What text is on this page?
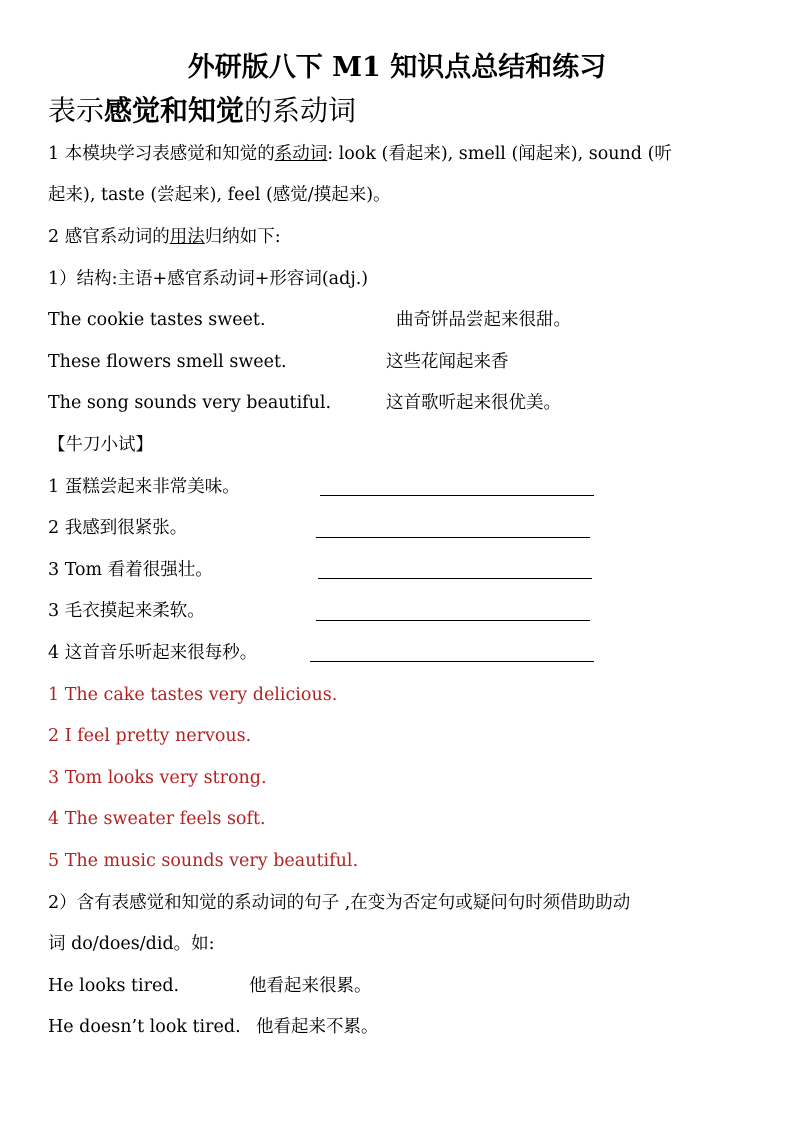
外研版八下 M1 知识点总结和练习
表示感觉和知觉的系动词
1 本模块学习表感觉和知觉的系动词: look (看起来), smell (闻起来), sound (听
起来), taste (尝起来), feel (感觉/摸起来)。
2 感官系动词的用法归纳如下:
1）结构:主语+感官系动词+形容词(adj.)
The cookie tastes sweet.	曲奇饼品尝起来很甜。
These flowers smell sweet.	这些花闻起来香
The song sounds very beautiful.	这首歌听起来很优美。
【牛刀小试】
1 蛋糕尝起来非常美味。
2 我感到很紧张。
3 Tom 看着很强壮。
3 毛衣摸起来柔软。
4 这首音乐听起来很每秒。
1 The cake tastes very delicious.
2 I feel pretty nervous.
3 Tom looks very strong.
4 The sweater feels soft.
5 The music sounds very beautiful.
2）含有表感觉和知觉的系动词的句子 ,在变为否定句或疑问句时须借助助动
词 do/does/did。如:
He looks tired.	他看起来很累。
He doesn’t look tired. 他看起来不累。
